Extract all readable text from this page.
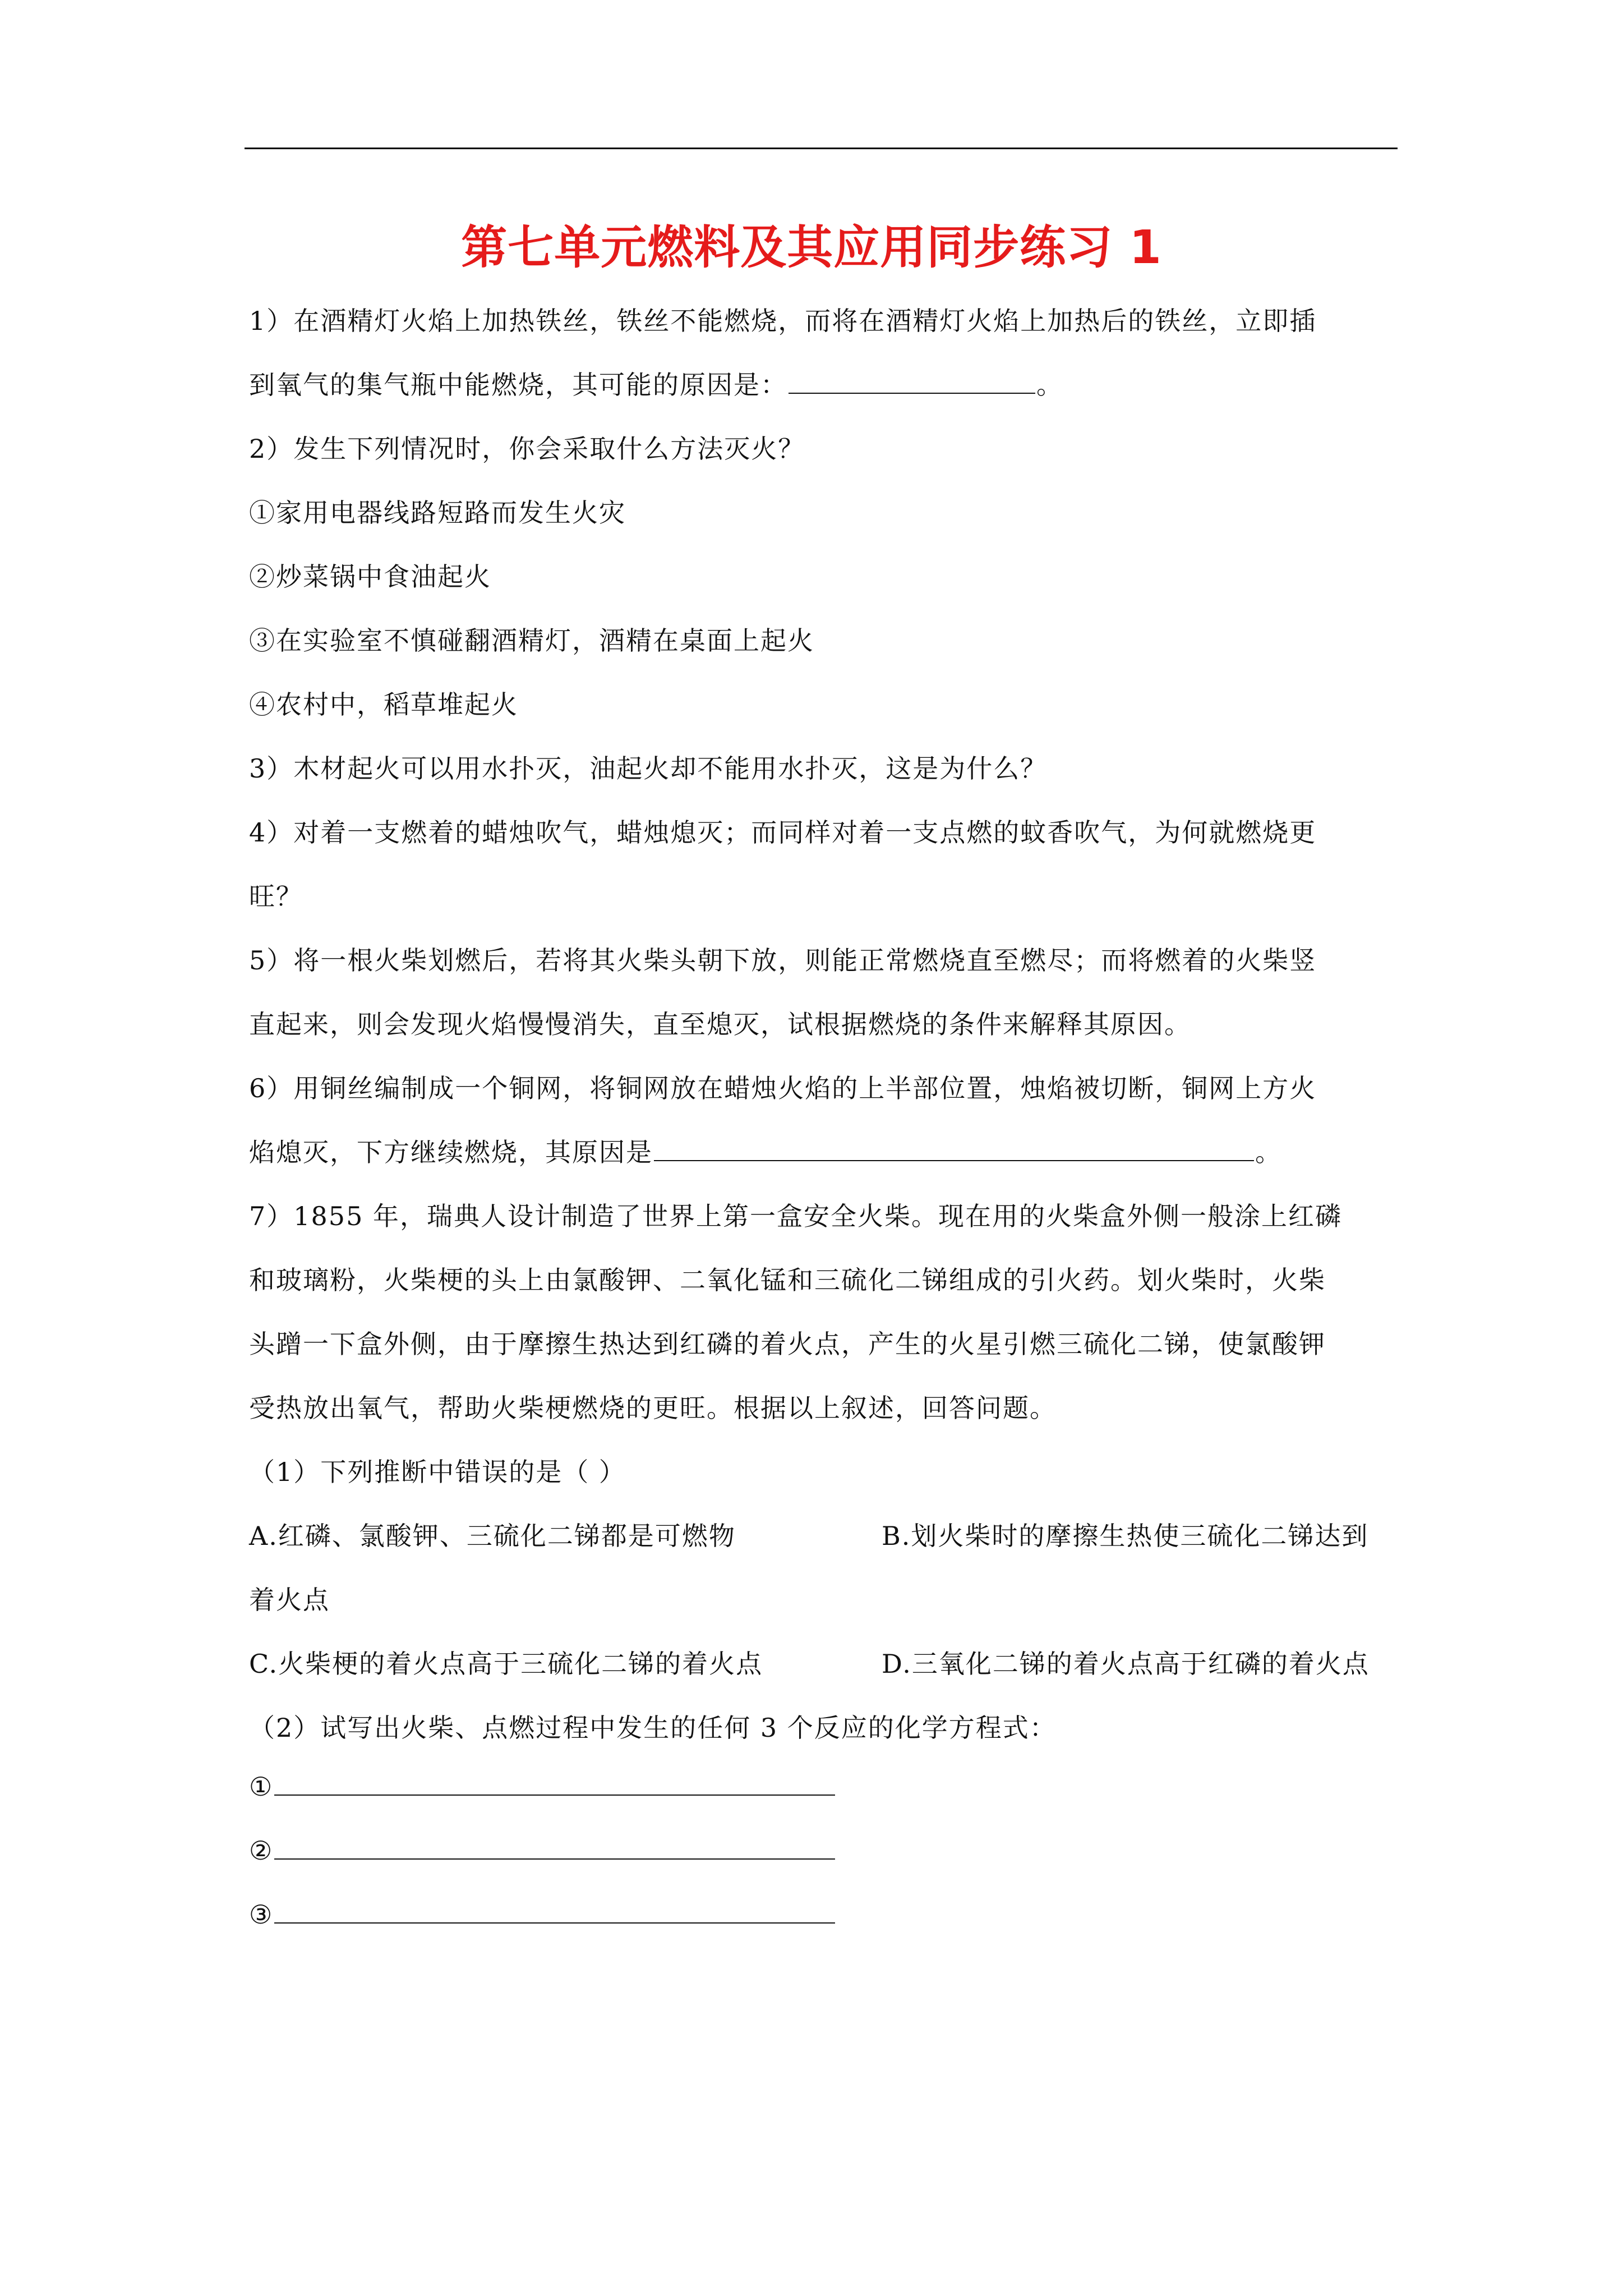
第七单元燃料及其应用同步练习 1
1）在酒精灯火焰上加热铁丝，铁丝不能燃烧，而将在酒精灯火焰上加热后的铁丝，立即插
到氧气的集气瓶中能燃烧，其可能的原因是：	。
2）发生下列情况时，你会采取什么方法灭火？
①家用电器线路短路而发生火灾
②炒菜锅中食油起火
③在实验室不慎碰翻酒精灯，酒精在桌面上起火
④农村中，稻草堆起火
3）木材起火可以用水扑灭，油起火却不能用水扑灭，这是为什么？
4）对着一支燃着的蜡烛吹气，蜡烛熄灭；而同样对着一支点燃的蚊香吹气，为何就燃烧更
旺？
5）将一根火柴划燃后，若将其火柴头朝下放，则能正常燃烧直至燃尽；而将燃着的火柴竖
直起来，则会发现火焰慢慢消失，直至熄灭，试根据燃烧的条件来解释其原因。
6）用铜丝编制成一个铜网，将铜网放在蜡烛火焰的上半部位置，烛焰被切断，铜网上方火
焰熄灭，下方继续燃烧，其原因是	。
7）1855 年，瑞典人设计制造了世界上第一盒安全火柴。现在用的火柴盒外侧一般涂上红磷
和玻璃粉，火柴梗的头上由氯酸钾、二氧化锰和三硫化二锑组成的引火药。划火柴时，火柴
头蹭一下盒外侧，由于摩擦生热达到红磷的着火点，产生的火星引燃三硫化二锑，使氯酸钾
受热放出氧气，帮助火柴梗燃烧的更旺。根据以上叙述，回答问题。
（1）下列推断中错误的是（ ）
A.红磷、氯酸钾、三硫化二锑都是可燃物	B.划火柴时的摩擦生热使三硫化二锑达到
着火点
C.火柴梗的着火点高于三硫化二锑的着火点	D.三氧化二锑的着火点高于红磷的着火点
（2）试写出火柴、点燃过程中发生的任何 3 个反应的化学方程式：
①
②
③
